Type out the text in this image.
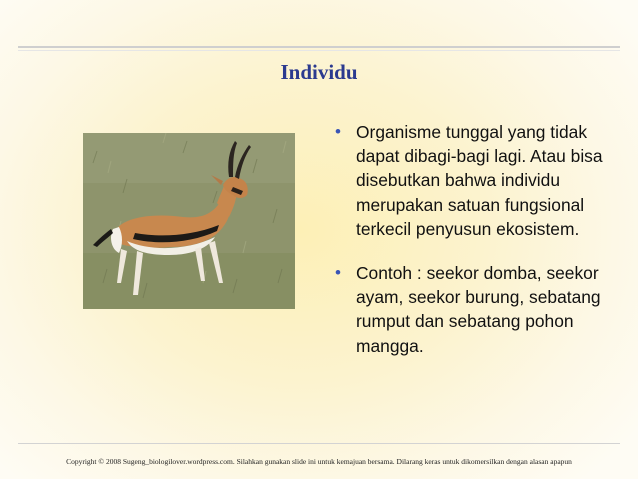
Individu
• Organisme tunggal yang tidak dapat dibagi-bagi lagi. Atau bisa disebutkan bahwa individu merupakan satuan fungsional terkecil penyusun ekosistem.
• Contoh : seekor domba, seekor ayam, seekor burung, sebatang rumput dan sebatang pohon mangga.
Copyright © 2008 Sugeng_biologilover.wordpress.com. Silahkan gunakan slide ini untuk kemajuan bersama. Dilarang keras untuk dikomersilkan dengan alasan apapun
